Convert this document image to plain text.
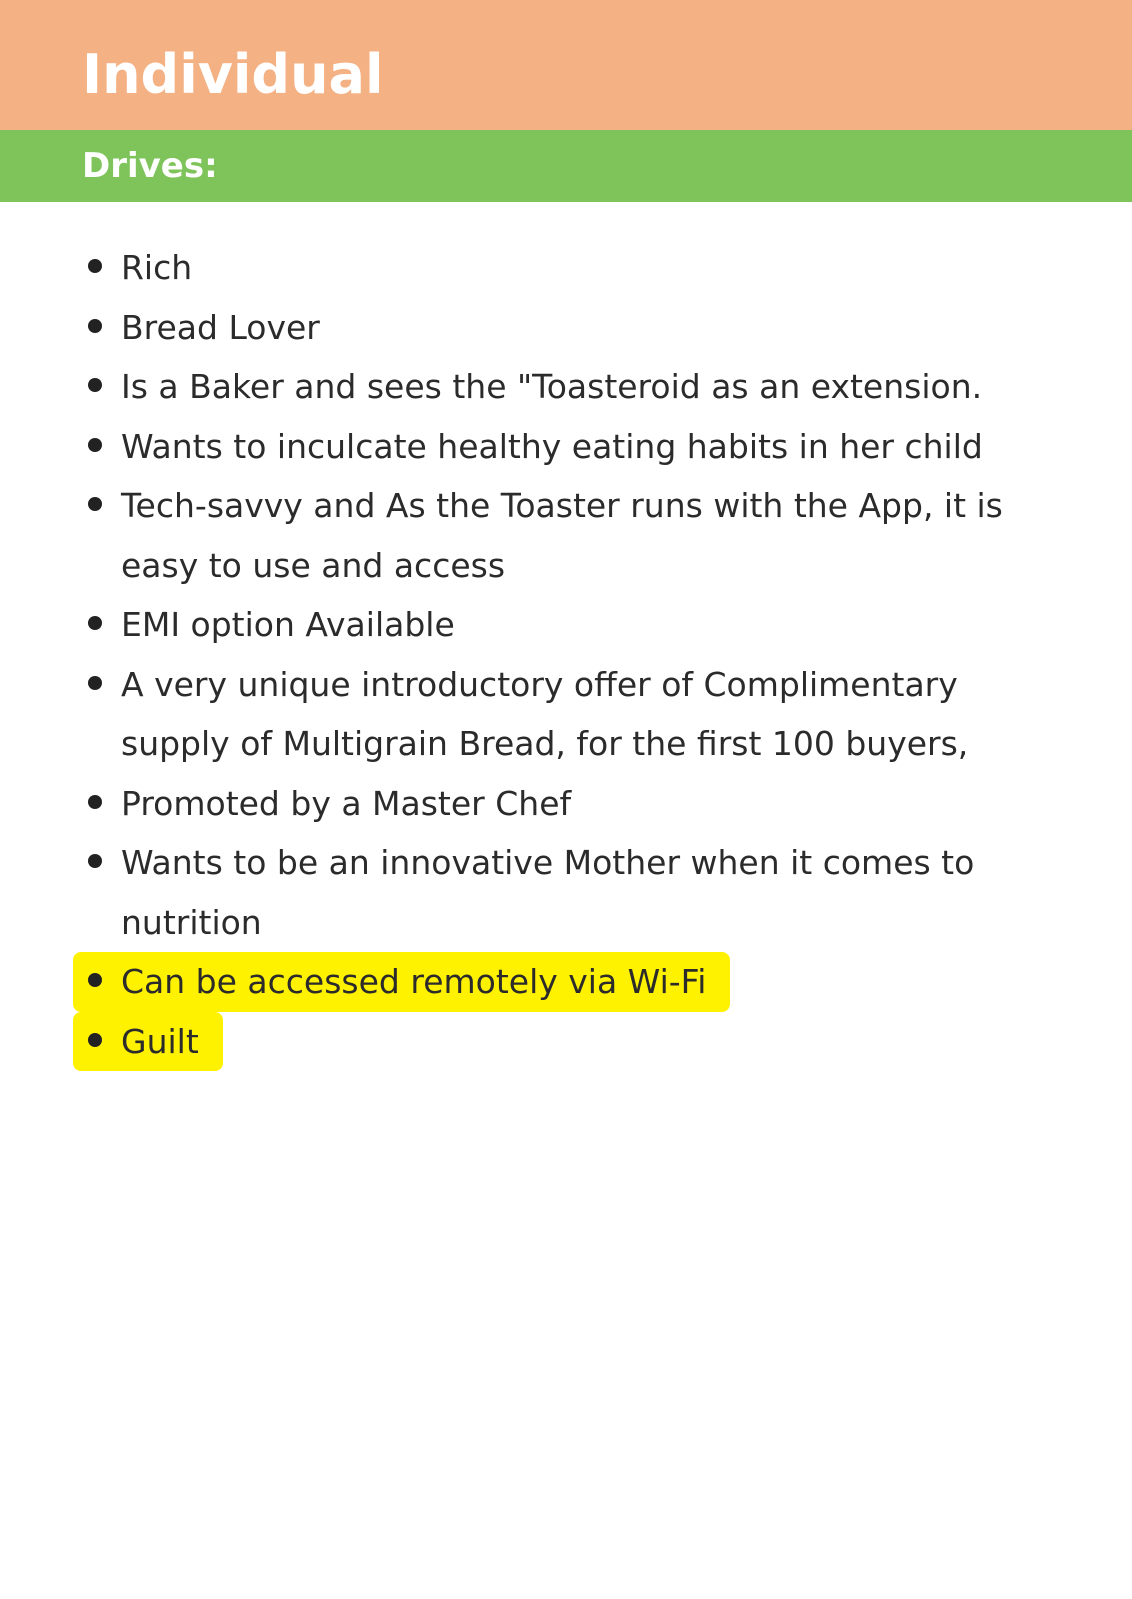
Individual
Drives:
Rich
Bread Lover
Is a Baker and sees the "Toasteroid as an extension.
Wants to inculcate healthy eating habits in her child
Tech-savvy and As the Toaster runs with the App, it is easy to use and access
EMI option Available
A very unique introductory offer of Complimentary supply of Multigrain Bread, for the first 100 buyers,
Promoted by a Master Chef
Wants to be an innovative Mother when it comes to nutrition
Can be accessed remotely via Wi-Fi
Guilt
